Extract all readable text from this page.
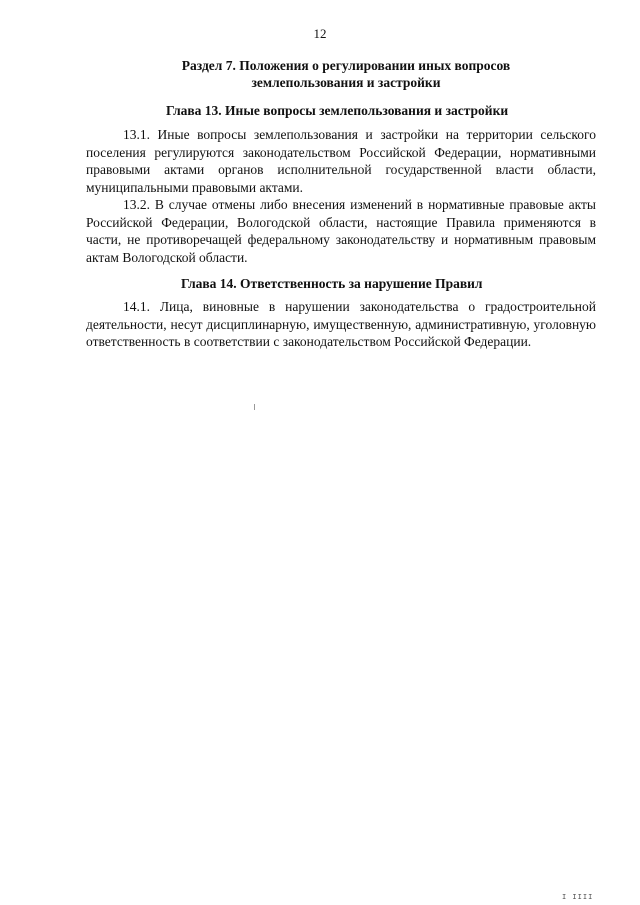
12
Раздел 7. Положения о регулировании иных вопросов
землепользования и застройки
Глава 13. Иные вопросы землепользования и застройки

13.1. Иные вопросы землепользования и застройки на территории сельского поселения регулируются законодательством Российской Федерации, нормативными правовыми актами органов исполнительной государственной власти области, муниципальными правовыми актами.

13.2. В случае отмены либо внесения изменений в нормативные правовые акты Российской Федерации, Вологодской области, настоящие Правила применяются в части, не противоречащей федеральному законодательству и нормативным правовым актам Вологодской области.

Глава 14. Ответственность за нарушение Правил

14.1. Лица, виновные в нарушении законодательства о градостроительной деятельности, несут дисциплинарную, имущественную, административную, уголовную ответственность в соответствии с законодательством Российской Федерации.

I IIII
